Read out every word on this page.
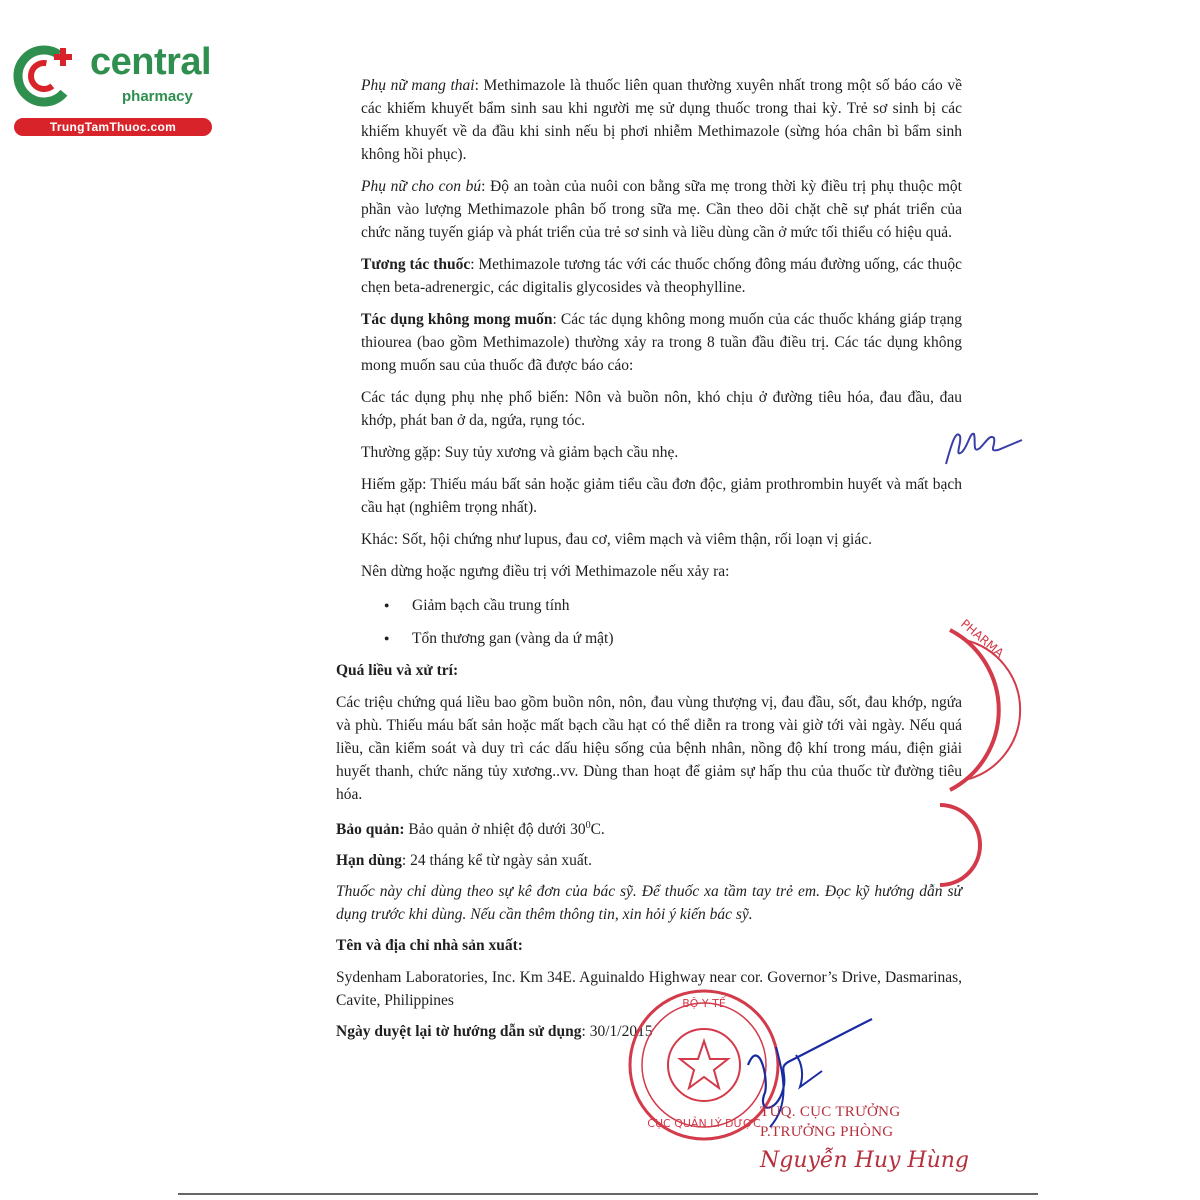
central
pharmacy
TrungTamThuoc.com

Phụ nữ mang thai: Methimazole là thuốc liên quan thường xuyên nhất trong một số báo cáo về các khiếm khuyết bẩm sinh sau khi người mẹ sử dụng thuốc trong thai kỳ. Trẻ sơ sinh bị các khiếm khuyết về da đầu khi sinh nếu bị phơi nhiễm Methimazole (sừng hóa chân bì bẩm sinh không hồi phục).

Phụ nữ cho con bú: Độ an toàn của nuôi con bằng sữa mẹ trong thời kỳ điều trị phụ thuộc một phần vào lượng Methimazole phân bố trong sữa mẹ. Cần theo dõi chặt chẽ sự phát triển của chức năng tuyến giáp và phát triển của trẻ sơ sinh và liều dùng cần ở mức tối thiểu có hiệu quả.

Tương tác thuốc: Methimazole tương tác với các thuốc chống đông máu đường uống, các thuộc chẹn beta-adrenergic, các digitalis glycosides và theophylline.

Tác dụng không mong muốn: Các tác dụng không mong muốn của các thuốc kháng giáp trạng thiourea (bao gồm Methimazole) thường xảy ra trong 8 tuần đầu điều trị. Các tác dụng không mong muốn sau của thuốc đã được báo cáo:

Các tác dụng phụ nhẹ phổ biến: Nôn và buồn nôn, khó chịu ở đường tiêu hóa, đau đầu, đau khớp, phát ban ở da, ngứa, rụng tóc.

Thường gặp: Suy tủy xương và giảm bạch cầu nhẹ.

Hiếm gặp: Thiếu máu bất sản hoặc giảm tiểu cầu đơn độc, giảm prothrombin huyết và mất bạch cầu hạt (nghiêm trọng nhất).

Khác: Sốt, hội chứng như lupus, đau cơ, viêm mạch và viêm thận, rối loạn vị giác.

Nên dừng hoặc ngưng điều trị với Methimazole nếu xảy ra:

● Giảm bạch cầu trung tính
● Tổn thương gan (vàng da ứ mật)

Quá liều và xử trí:

Các triệu chứng quá liều bao gồm buồn nôn, nôn, đau vùng thượng vị, đau đầu, sốt, đau khớp, ngứa và phù. Thiếu máu bất sản hoặc mất bạch cầu hạt có thể diễn ra trong vài giờ tới vài ngày. Nếu quá liều, cần kiểm soát và duy trì các dấu hiệu sống của bệnh nhân, nồng độ khí trong máu, điện giải huyết thanh, chức năng tủy xương..vv. Dùng than hoạt để giảm sự hấp thu của thuốc từ đường tiêu hóa.

Bảo quản: Bảo quản ở nhiệt độ dưới $30^0C$.

Hạn dùng: 24 tháng kể từ ngày sản xuất.

Thuốc này chỉ dùng theo sự kê đơn của bác sỹ. Để thuốc xa tầm tay trẻ em. Đọc kỹ hướng dẫn sử dụng trước khi dùng. Nếu cần thêm thông tin, xin hỏi ý kiến bác sỹ.

Tên và địa chỉ nhà sản xuất:

Sydenham Laboratories, Inc. Km 34E. Aguinaldo Highway near cor. Governor’s Drive, Dasmarinas, Cavite, Philippines

Ngày duyệt lại tờ hướng dẫn sử dụng: 30/1/2015

PHARMA
BỘ Y TẾ
CỤC QUẢN LÝ DƯỢC
TUQ. CỤC TRƯỞNG
P.TRƯỞNG PHÒNG
Nguyễn Huy Hùng
